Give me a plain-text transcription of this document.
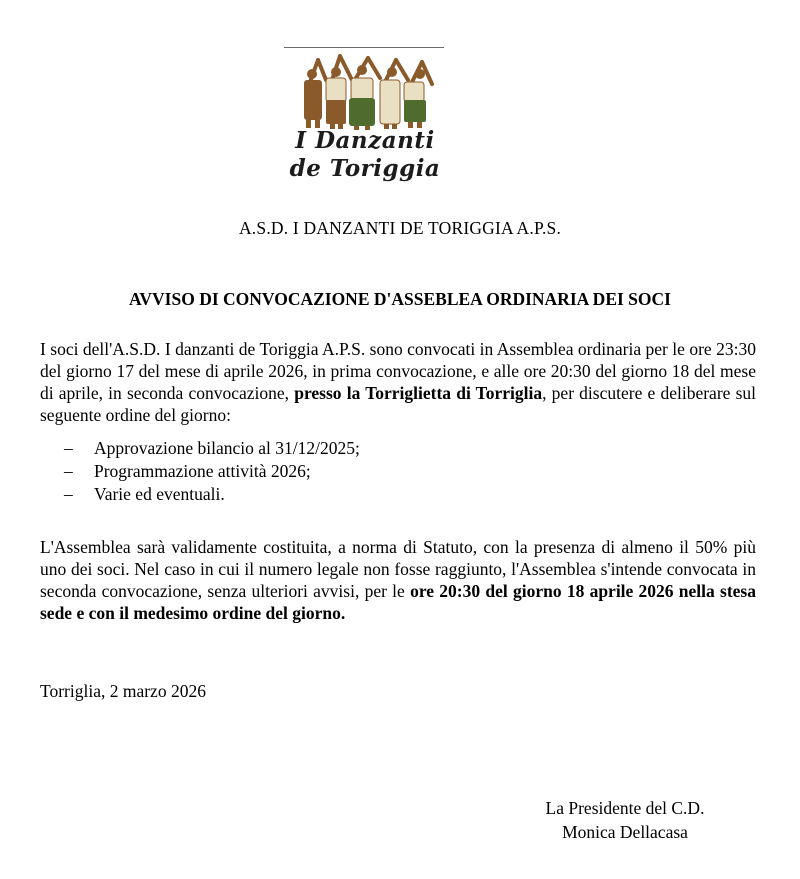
I Danzanti
de Toriggia
A.S.D. I DANZANTI DE TORIGGIA A.P.S.
AVVISO DI CONVOCAZIONE D'ASSEBLEA ORDINARIA DEI SOCI
I soci dell'A.S.D. I danzanti de Toriggia A.P.S. sono convocati in Assemblea ordinaria per le ore 23:30 del giorno 17 del mese di aprile 2026, in prima convocazione, e alle ore 20:30 del giorno 18 del mese di aprile, in seconda convocazione, presso la Torriglietta di Torriglia, per discutere e deliberare sul seguente ordine del giorno:
– Approvazione bilancio al 31/12/2025;
– Programmazione attività 2026;
– Varie ed eventuali.
L'Assemblea sarà validamente costituita, a norma di Statuto, con la presenza di almeno il 50% più uno dei soci. Nel caso in cui il numero legale non fosse raggiunto, l'Assemblea s'intende convocata in seconda convocazione, senza ulteriori avvisi, per le ore 20:30 del giorno 18 aprile 2026 nella stesa sede e con il medesimo ordine del giorno.
Torriglia, 2 marzo 2026
La Presidente del C.D.
Monica Dellacasa
